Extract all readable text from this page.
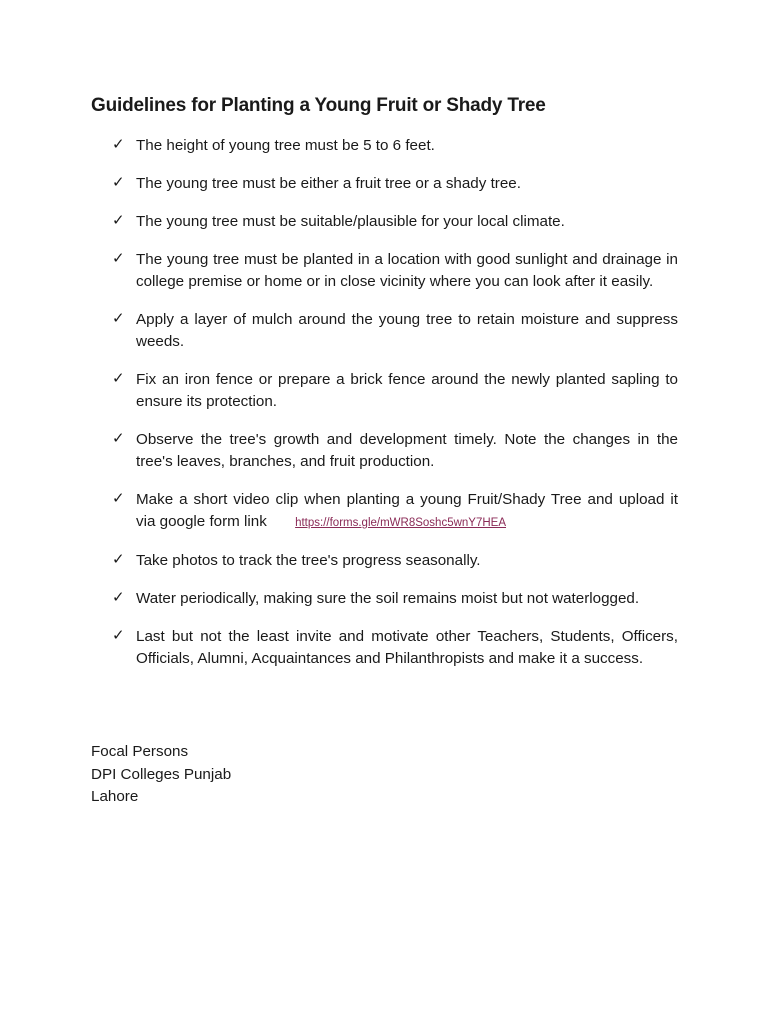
Guidelines for Planting a Young Fruit or Shady Tree
✓ The height of young tree must be 5 to 6 feet.
✓ The young tree must be either a fruit tree or a shady tree.
✓ The young tree must be suitable/plausible for your local climate.
✓ The young tree must be planted in a location with good sunlight and drainage in college premise or home or in close vicinity where you can look after it easily.
✓ Apply a layer of mulch around the young tree to retain moisture and suppress weeds.
✓ Fix an iron fence or prepare a brick fence around the newly planted sapling to ensure its protection.
✓ Observe the tree's growth and development timely. Note the changes in the tree's leaves, branches, and fruit production.
✓ Make a short video clip when planting a young Fruit/Shady Tree and upload it via google form link https://forms.gle/mWR8Soshc5wnY7HEA
✓ Take photos to track the tree's progress seasonally.
✓ Water periodically, making sure the soil remains moist but not waterlogged.
✓ Last but not the least invite and motivate other Teachers, Students, Officers, Officials, Alumni, Acquaintances and Philanthropists and make it a success.
Focal Persons
DPI Colleges Punjab
Lahore
